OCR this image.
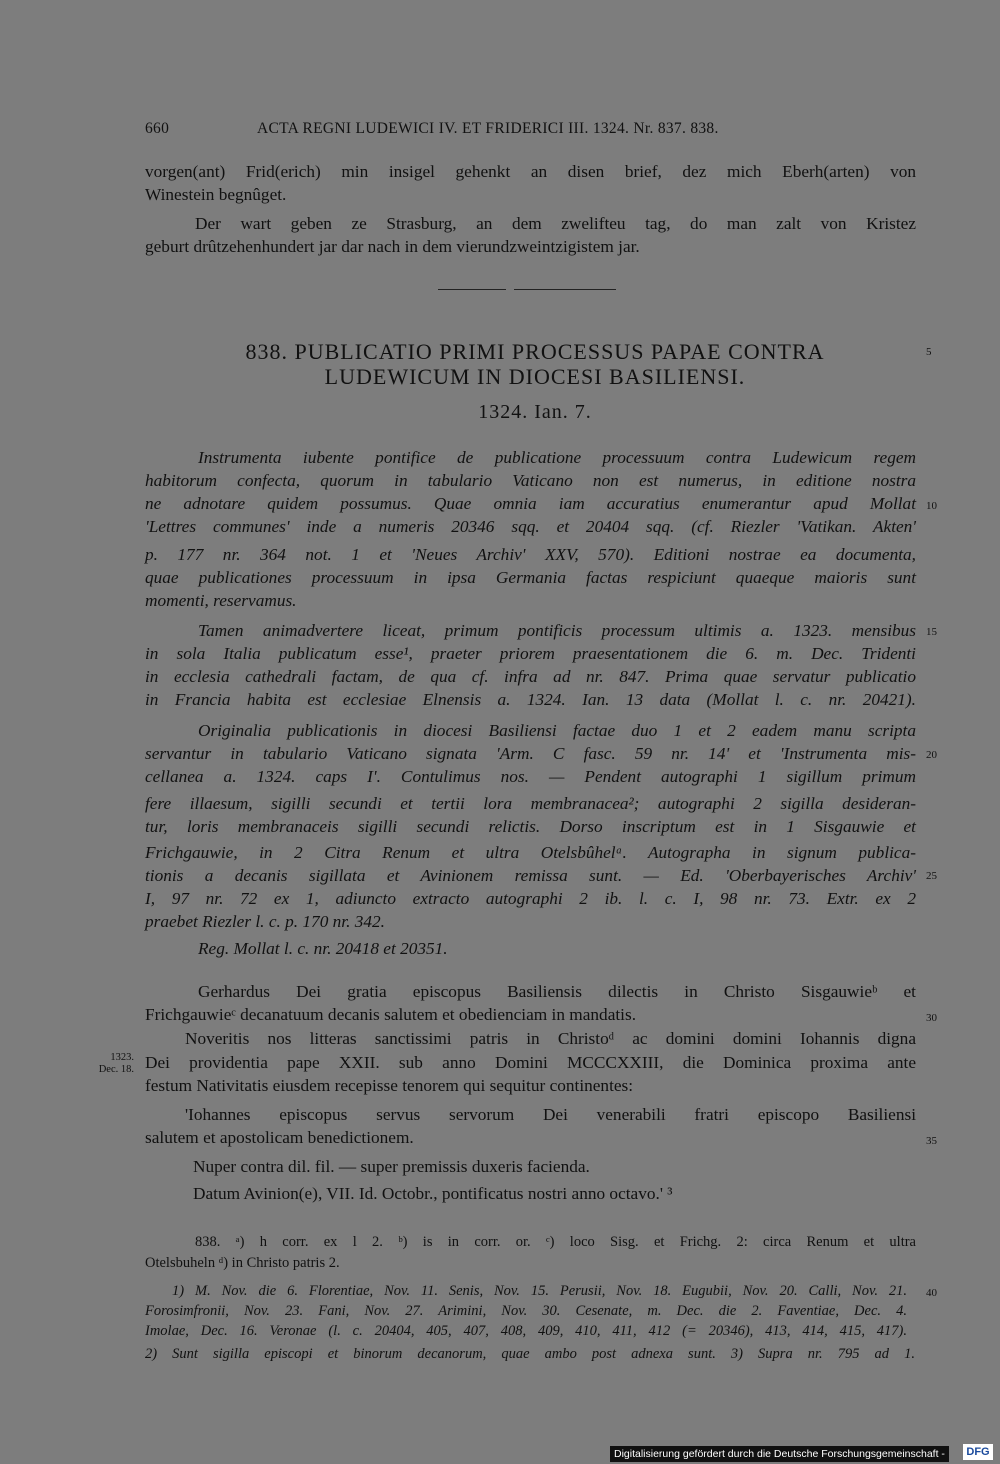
660	ACTA REGNI LUDEWICI IV. ET FRIDERICI III. 1324. Nr. 837. 838.
vorgen(ant) Frid(erich) min insigel gehenkt an disen brief, dez mich Eberh(arten) von
Winestein begnûget.
Der wart geben ze Strasburg, an dem zwelifteu tag, do man zalt von Kristez
geburt drûtzehenhundert jar dar nach in dem vierundzweintzigistem jar.
838. PUBLICATIO PRIMI PROCESSUS PAPAE CONTRA
LUDEWICUM IN DIOCESI BASILIENSI.
1324. Ian. 7.
5
Instrumenta iubente pontifice de publicatione processuum contra Ludewicum regem
habitorum confecta, quorum in tabulario Vaticano non est numerus, in editione nostra
ne adnotare quidem possumus. Quae omnia iam accuratius enumerantur apud Mollat 10
'Lettres communes' inde a numeris 20346 sqq. et 20404 sqq. (cf. Riezler 'Vatikan. Akten'
p. 177 nr. 364 not. 1 et 'Neues Archiv' XXV, 570). Editioni nostrae ea documenta,
quae publicationes processuum in ipsa Germania factas respiciunt quaeque maioris sunt
momenti, reservamus.
Tamen animadvertere liceat, primum pontificis processum ultimis a. 1323. mensibus 15
in sola Italia publicatum esse¹, praeter priorem praesentationem die 6. m. Dec. Tridenti
in ecclesia cathedrali factam, de qua cf. infra ad nr. 847. Prima quae servatur publicatio
in Francia habita est ecclesiae Elnensis a. 1324. Ian. 13 data (Mollat l. c. nr. 20421).
Originalia publicationis in diocesi Basiliensi factae duo 1 et 2 eadem manu scripta
servantur in tabulario Vaticano signata 'Arm. C fasc. 59 nr. 14' et 'Instrumenta mis- 20
cellanea a. 1324. caps I'. Contulimus nos. — Pendent autographi 1 sigillum primum
fere illaesum, sigilli secundi et tertii lora membranacea²; autographi 2 sigilla desideran-
tur, loris membranaceis sigilli secundi relictis. Dorso inscriptum est in 1 Sisgauwie et
Frichgauwie, in 2 Citra Renum et ultra Otelsbûhelᵃ. Autographa in signum publica-
tionis a decanis sigillata et Avinionem remissa sunt. — Ed. 'Oberbayerisches Archiv' 25
I, 97 nr. 72 ex 1, adiuncto extracto autographi 2 ib. l. c. I, 98 nr. 73. Extr. ex 2
praebet Riezler l. c. p. 170 nr. 342.
Reg. Mollat l. c. nr. 20418 et 20351.
Gerhardus Dei gratia episcopus Basiliensis dilectis in Christo Sisgauwieᵇ et
Frichgauwieᶜ decanatuum decanis salutem et obedienciam in mandatis.	30
Noveritis nos litteras sanctissimi patris in Christoᵈ ac domini domini Iohannis digna
1323.
Dec. 18. Dei providentia pape XXII. sub anno Domini MCCCXXIII, die Dominica proxima ante
festum Nativitatis eiusdem recepisse tenorem qui sequitur continentes:
'Iohannes episcopus servus servorum Dei venerabili fratri episcopo Basiliensi
salutem et apostolicam benedictionem.	35
Nuper contra dil. fil. — super premissis duxeris facienda.
Datum Avinion(e), VII. Id. Octobr., pontificatus nostri anno octavo.' ³
838. ᵃ) h corr. ex l 2. ᵇ) is in corr. or. ᶜ) loco Sisg. et Frichg. 2: circa Renum et ultra
Otelsbuheln ᵈ) in Christo patris 2.
1) M. Nov. die 6. Florentiae, Nov. 11. Senis, Nov. 15. Perusii, Nov. 18. Eugubii, Nov. 20. Calli, Nov. 21. 40
Forosimfronii, Nov. 23. Fani, Nov. 27. Arimini, Nov. 30. Cesenate, m. Dec. die 2. Faventiae, Dec. 4.
Imolae, Dec. 16. Veronae (l. c. 20404, 405, 407, 408, 409, 410, 411, 412 (= 20346), 413, 414, 415, 417).
2) Sunt sigilla episcopi et binorum decanorum, quae ambo post adnexa sunt. 3) Supra nr. 795 ad 1.
Digitalisierung gefördert durch die Deutsche Forschungsgemeinschaft -	DFG
